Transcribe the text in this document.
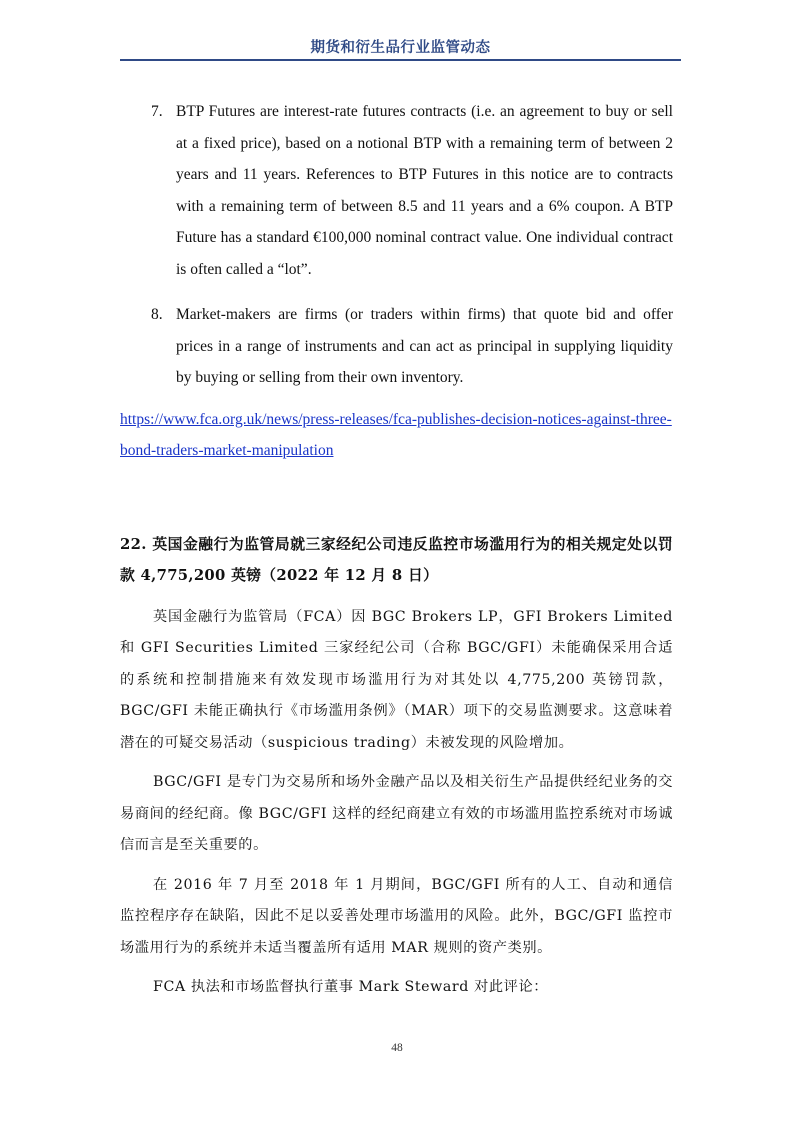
期货和衍生品行业监管动态
7. BTP Futures are interest-rate futures contracts (i.e. an agreement to buy or sell at a fixed price), based on a notional BTP with a remaining term of between 2 years and 11 years. References to BTP Futures in this notice are to contracts with a remaining term of between 8.5 and 11 years and a 6% coupon. A BTP Future has a standard €100,000 nominal contract value. One individual contract is often called a “lot”.
8. Market-makers are firms (or traders within firms) that quote bid and offer prices in a range of instruments and can act as principal in supplying liquidity by buying or selling from their own inventory.
https://www.fca.org.uk/news/press-releases/fca-publishes-decision-notices-against-three-bond-traders-market-manipulation
22. 英国金融行为监管局就三家经纪公司违反监控市场滥用行为的相关规定处以罚款 4,775,200 英镑（2022 年 12 月 8 日）

英国金融行为监管局（FCA）因 BGC Brokers LP，GFI Brokers Limited 和 GFI Securities Limited 三家经纪公司（合称 BGC/GFI）未能确保采用合适的系统和控制措施来有效发现市场滥用行为对其处以 4,775,200 英镑罚款，BGC/GFI 未能正确执行《市场滥用条例》（MAR）项下的交易监测要求。这意味着潜在的可疑交易活动（suspicious trading）未被发现的风险增加。

BGC/GFI 是专门为交易所和场外金融产品以及相关衍生产品提供经纪业务的交易商间的经纪商。像 BGC/GFI 这样的经纪商建立有效的市场滥用监控系统对市场诚信而言是至关重要的。

在 2016 年 7 月至 2018 年 1 月期间，BGC/GFI 所有的人工、自动和通信监控程序存在缺陷，因此不足以妥善处理市场滥用的风险。此外，BGC/GFI 监控市场滥用行为的系统并未适当覆盖所有适用 MAR 规则的资产类别。

FCA 执法和市场监督执行董事 Mark Steward 对此评论：

48
